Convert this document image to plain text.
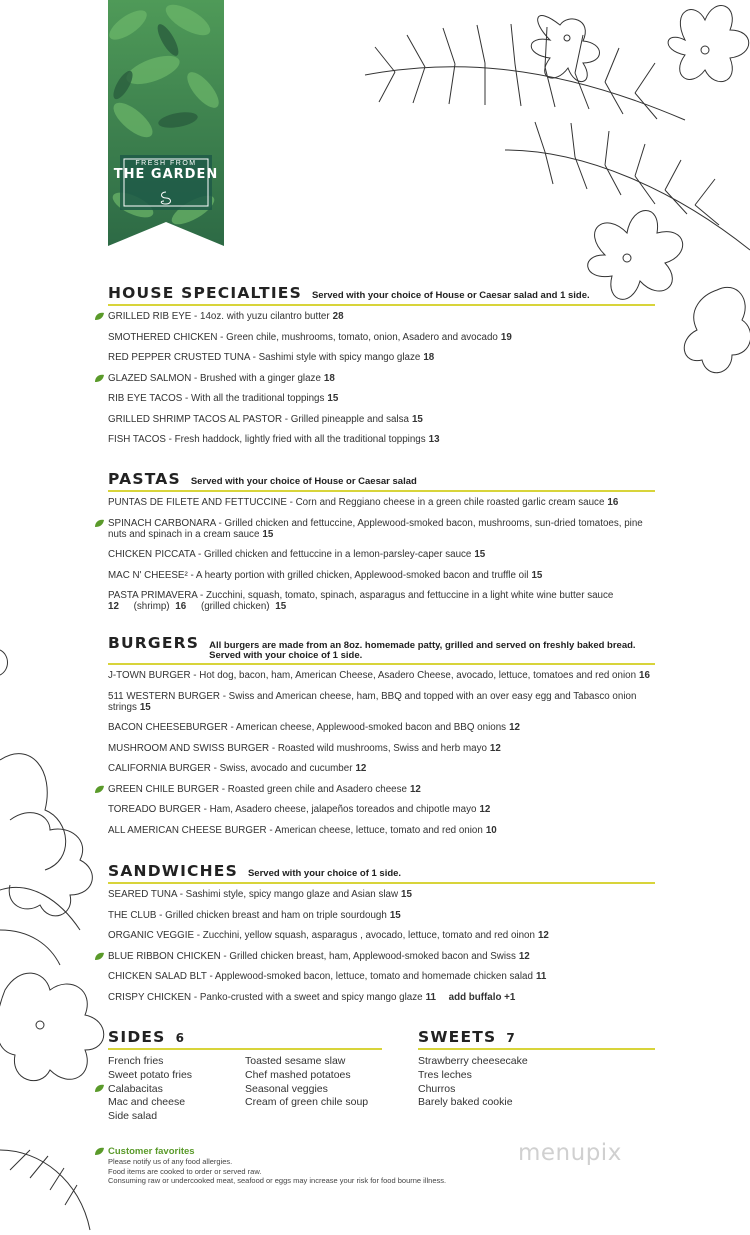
FRESH FROM
THE GARDEN
HOUSE SPECIALTIES Served with your choice of House or Caesar salad and 1 side.
GRILLED RIB EYE - 14oz. with yuzu cilantro butter 28
SMOTHERED CHICKEN - Green chile, mushrooms, tomato, onion, Asadero and avocado 19
RED PEPPER CRUSTED TUNA - Sashimi style with spicy mango glaze 18
GLAZED SALMON - Brushed with a ginger glaze 18
RIB EYE TACOS - With all the traditional toppings 15
GRILLED SHRIMP TACOS AL PASTOR - Grilled pineapple and salsa 15
FISH TACOS - Fresh haddock, lightly fried with all the traditional toppings 13
PASTAS Served with your choice of House or Caesar salad
PUNTAS DE FILETE AND FETTUCCINE - Corn and Reggiano cheese in a green chile roasted garlic cream sauce 16
SPINACH CARBONARA - Grilled chicken and fettuccine, Applewood-smoked bacon, mushrooms, sun-dried tomatoes, pine nuts and spinach in a cream sauce 15
CHICKEN PICCATA - Grilled chicken and fettuccine in a lemon-parsley-caper sauce 15
MAC N' CHEESE² - A hearty portion with grilled chicken, Applewood-smoked bacon and truffle oil 15
PASTA PRIMAVERA - Zucchini, squash, tomato, spinach, asparagus and fettuccine in a light white wine butter sauce
12 (shrimp) 16 (grilled chicken) 15
BURGERS All burgers are made from an 8oz. homemade patty, grilled and served on freshly baked bread. Served with your choice of 1 side.
J-TOWN BURGER - Hot dog, bacon, ham, American Cheese, Asadero Cheese, avocado, lettuce, tomatoes and red onion 16
511 WESTERN BURGER - Swiss and American cheese, ham, BBQ and topped with an over easy egg and Tabasco onion strings 15
BACON CHEESEBURGER - American cheese, Applewood-smoked bacon and BBQ onions 12
MUSHROOM AND SWISS BURGER - Roasted wild mushrooms, Swiss and herb mayo 12
CALIFORNIA BURGER - Swiss, avocado and cucumber 12
GREEN CHILE BURGER - Roasted green chile and Asadero cheese 12
TOREADO BURGER - Ham, Asadero cheese, jalapeños toreados and chipotle mayo 12
ALL AMERICAN CHEESE BURGER - American cheese, lettuce, tomato and red onion 10
SANDWICHES Served with your choice of 1 side.
SEARED TUNA - Sashimi style, spicy mango glaze and Asian slaw 15
THE CLUB - Grilled chicken breast and ham on triple sourdough 15
ORGANIC VEGGIE - Zucchini, yellow squash, asparagus , avocado, lettuce, tomato and red oinon 12
BLUE RIBBON CHICKEN - Grilled chicken breast, ham, Applewood-smoked bacon and Swiss 12
CHICKEN SALAD BLT - Applewood-smoked bacon, lettuce, tomato and homemade chicken salad 11
CRISPY CHICKEN - Panko-crusted with a sweet and spicy mango glaze 11 add buffalo +1
SIDES 6
French fries
Sweet potato fries
Calabacitas
Mac and cheese
Side salad
Toasted sesame slaw
Chef mashed potatoes
Seasonal veggies
Cream of green chile soup
SWEETS 7
Strawberry cheesecake
Tres leches
Churros
Barely baked cookie
Customer favorites
Please notify us of any food allergies.
Food items are cooked to order or served raw.
Consuming raw or undercooked meat, seafood or eggs may increase your risk for food bourne illness.
menupix
